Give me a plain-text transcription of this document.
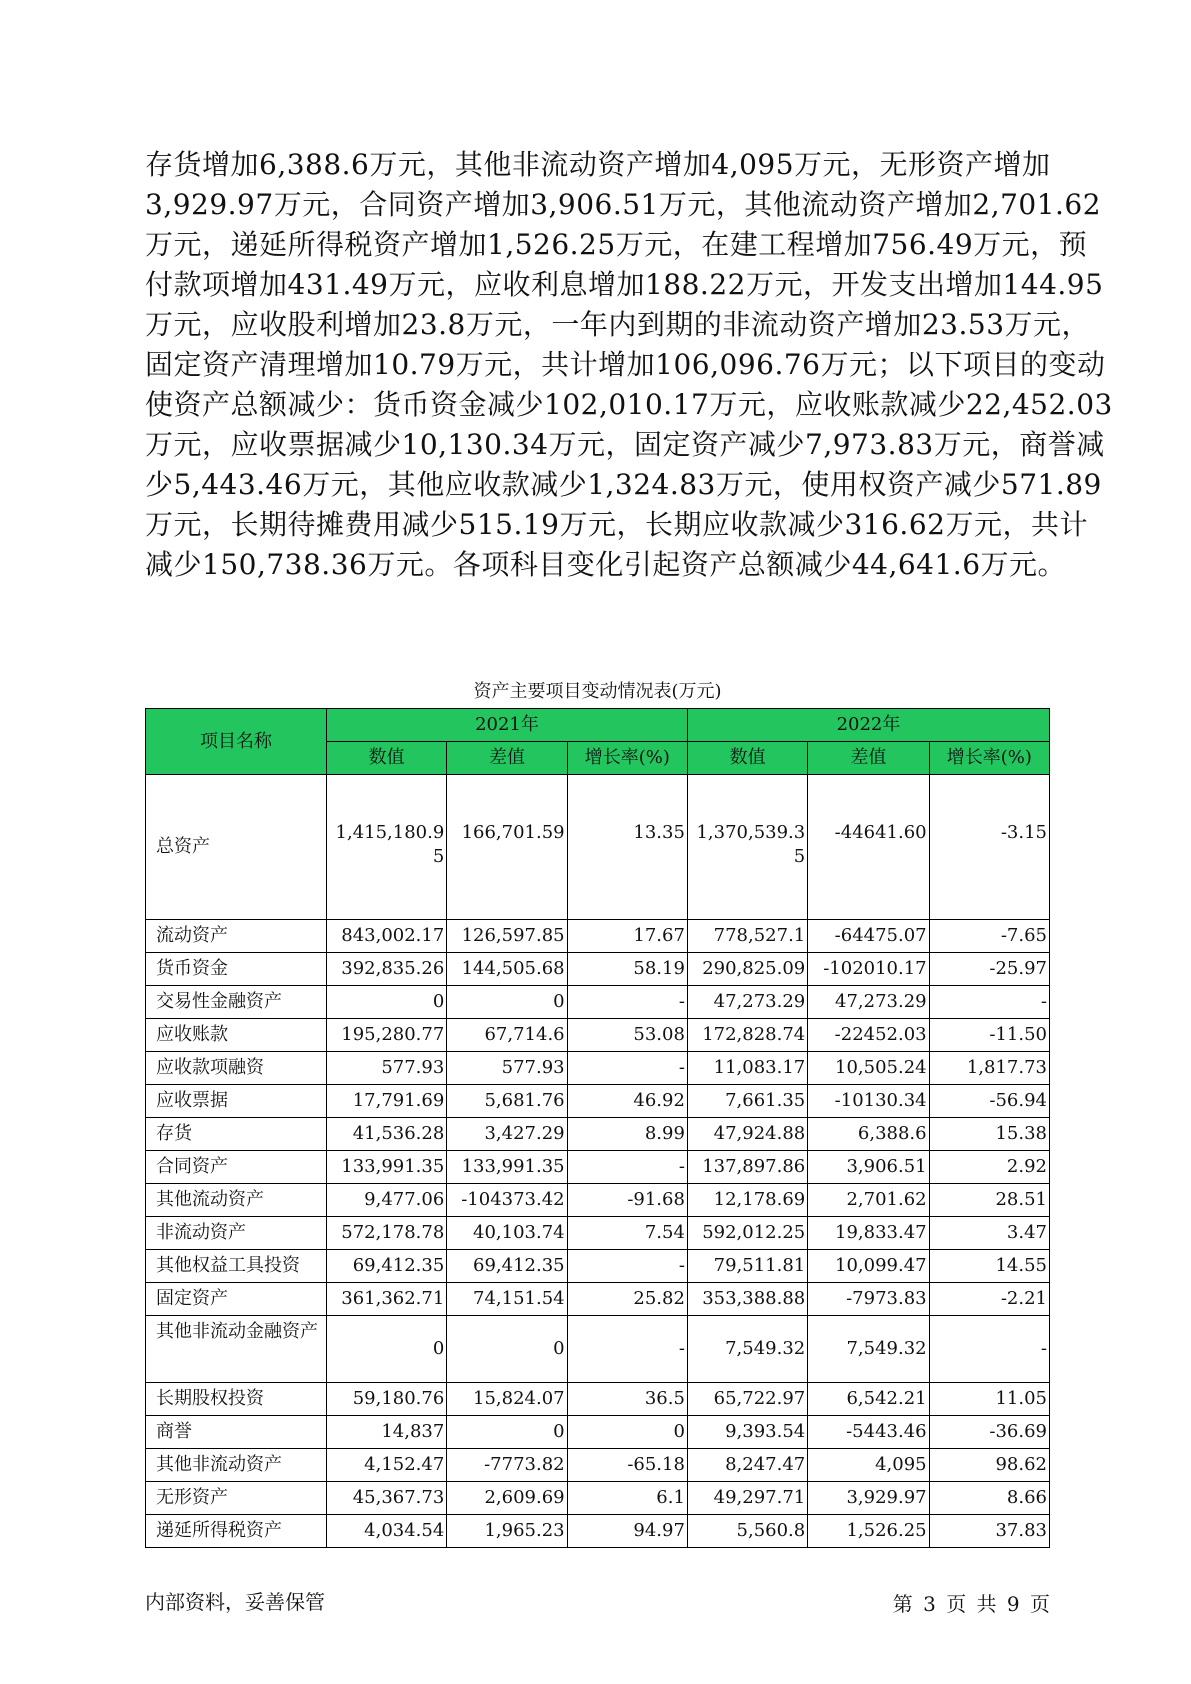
存货增加6,388.6万元，其他非流动资产增加4,095万元，无形资产增加
3,929.97万元，合同资产增加3,906.51万元，其他流动资产增加2,701.62
万元，递延所得税资产增加1,526.25万元，在建工程增加756.49万元，预
付款项增加431.49万元，应收利息增加188.22万元，开发支出增加144.95
万元，应收股利增加23.8万元，一年内到期的非流动资产增加23.53万元，
固定资产清理增加10.79万元，共计增加106,096.76万元；以下项目的变动
使资产总额减少：货币资金减少102,010.17万元，应收账款减少22,452.03
万元，应收票据减少10,130.34万元，固定资产减少7,973.83万元，商誉减
少5,443.46万元，其他应收款减少1,324.83万元，使用权资产减少571.89
万元，长期待摊费用减少515.19万元，长期应收款减少316.62万元，共计
减少150,738.36万元。各项科目变化引起资产总额减少44,641.6万元。
资产主要项目变动情况表(万元)
项目名称	2021年			2022年		
	数值	差值	增长率(%)	数值	差值	增长率(%)
总资产	1,415,180.95	166,701.59	13.35	1,370,539.35	-44641.60	-3.15
流动资产	843,002.17	126,597.85	17.67	778,527.1	-64475.07	-7.65
货币资金	392,835.26	144,505.68	58.19	290,825.09	-102010.17	-25.97
交易性金融资产	0	0	-	47,273.29	47,273.29	-
应收账款	195,280.77	67,714.6	53.08	172,828.74	-22452.03	-11.50
应收款项融资	577.93	577.93	-	11,083.17	10,505.24	1,817.73
应收票据	17,791.69	5,681.76	46.92	7,661.35	-10130.34	-56.94
存货	41,536.28	3,427.29	8.99	47,924.88	6,388.6	15.38
合同资产	133,991.35	133,991.35	-	137,897.86	3,906.51	2.92
其他流动资产	9,477.06	-104373.42	-91.68	12,178.69	2,701.62	28.51
非流动资产	572,178.78	40,103.74	7.54	592,012.25	19,833.47	3.47
其他权益工具投资	69,412.35	69,412.35	-	79,511.81	10,099.47	14.55
固定资产	361,362.71	74,151.54	25.82	353,388.88	-7973.83	-2.21
其他非流动金融资产	0	0	-	7,549.32	7,549.32	-
长期股权投资	59,180.76	15,824.07	36.5	65,722.97	6,542.21	11.05
商誉	14,837	0	0	9,393.54	-5443.46	-36.69
其他非流动资产	4,152.47	-7773.82	-65.18	8,247.47	4,095	98.62
无形资产	45,367.73	2,609.69	6.1	49,297.71	3,929.97	8.66
递延所得税资产	4,034.54	1,965.23	94.97	5,560.8	1,526.25	37.83
内部资料，妥善保管	第 3 页 共 9 页
